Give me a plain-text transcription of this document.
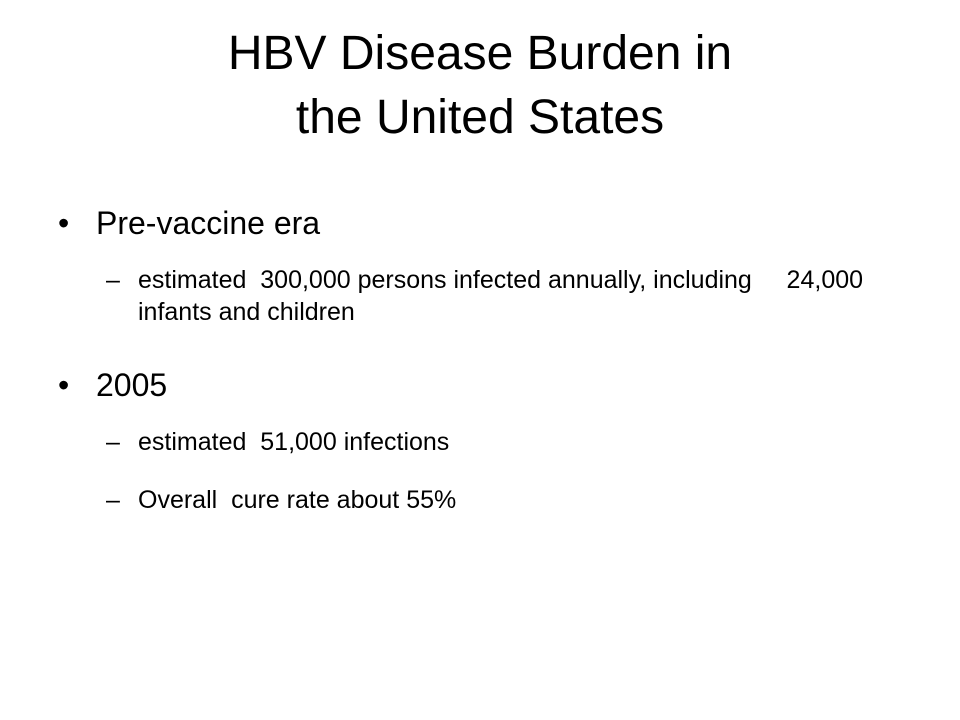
HBV Disease Burden in
the United States
• Pre-vaccine era
– estimated  300,000 persons infected annually, including     24,000 infants and children
• 2005
– estimated  51,000 infections
– Overall  cure rate about 55%
